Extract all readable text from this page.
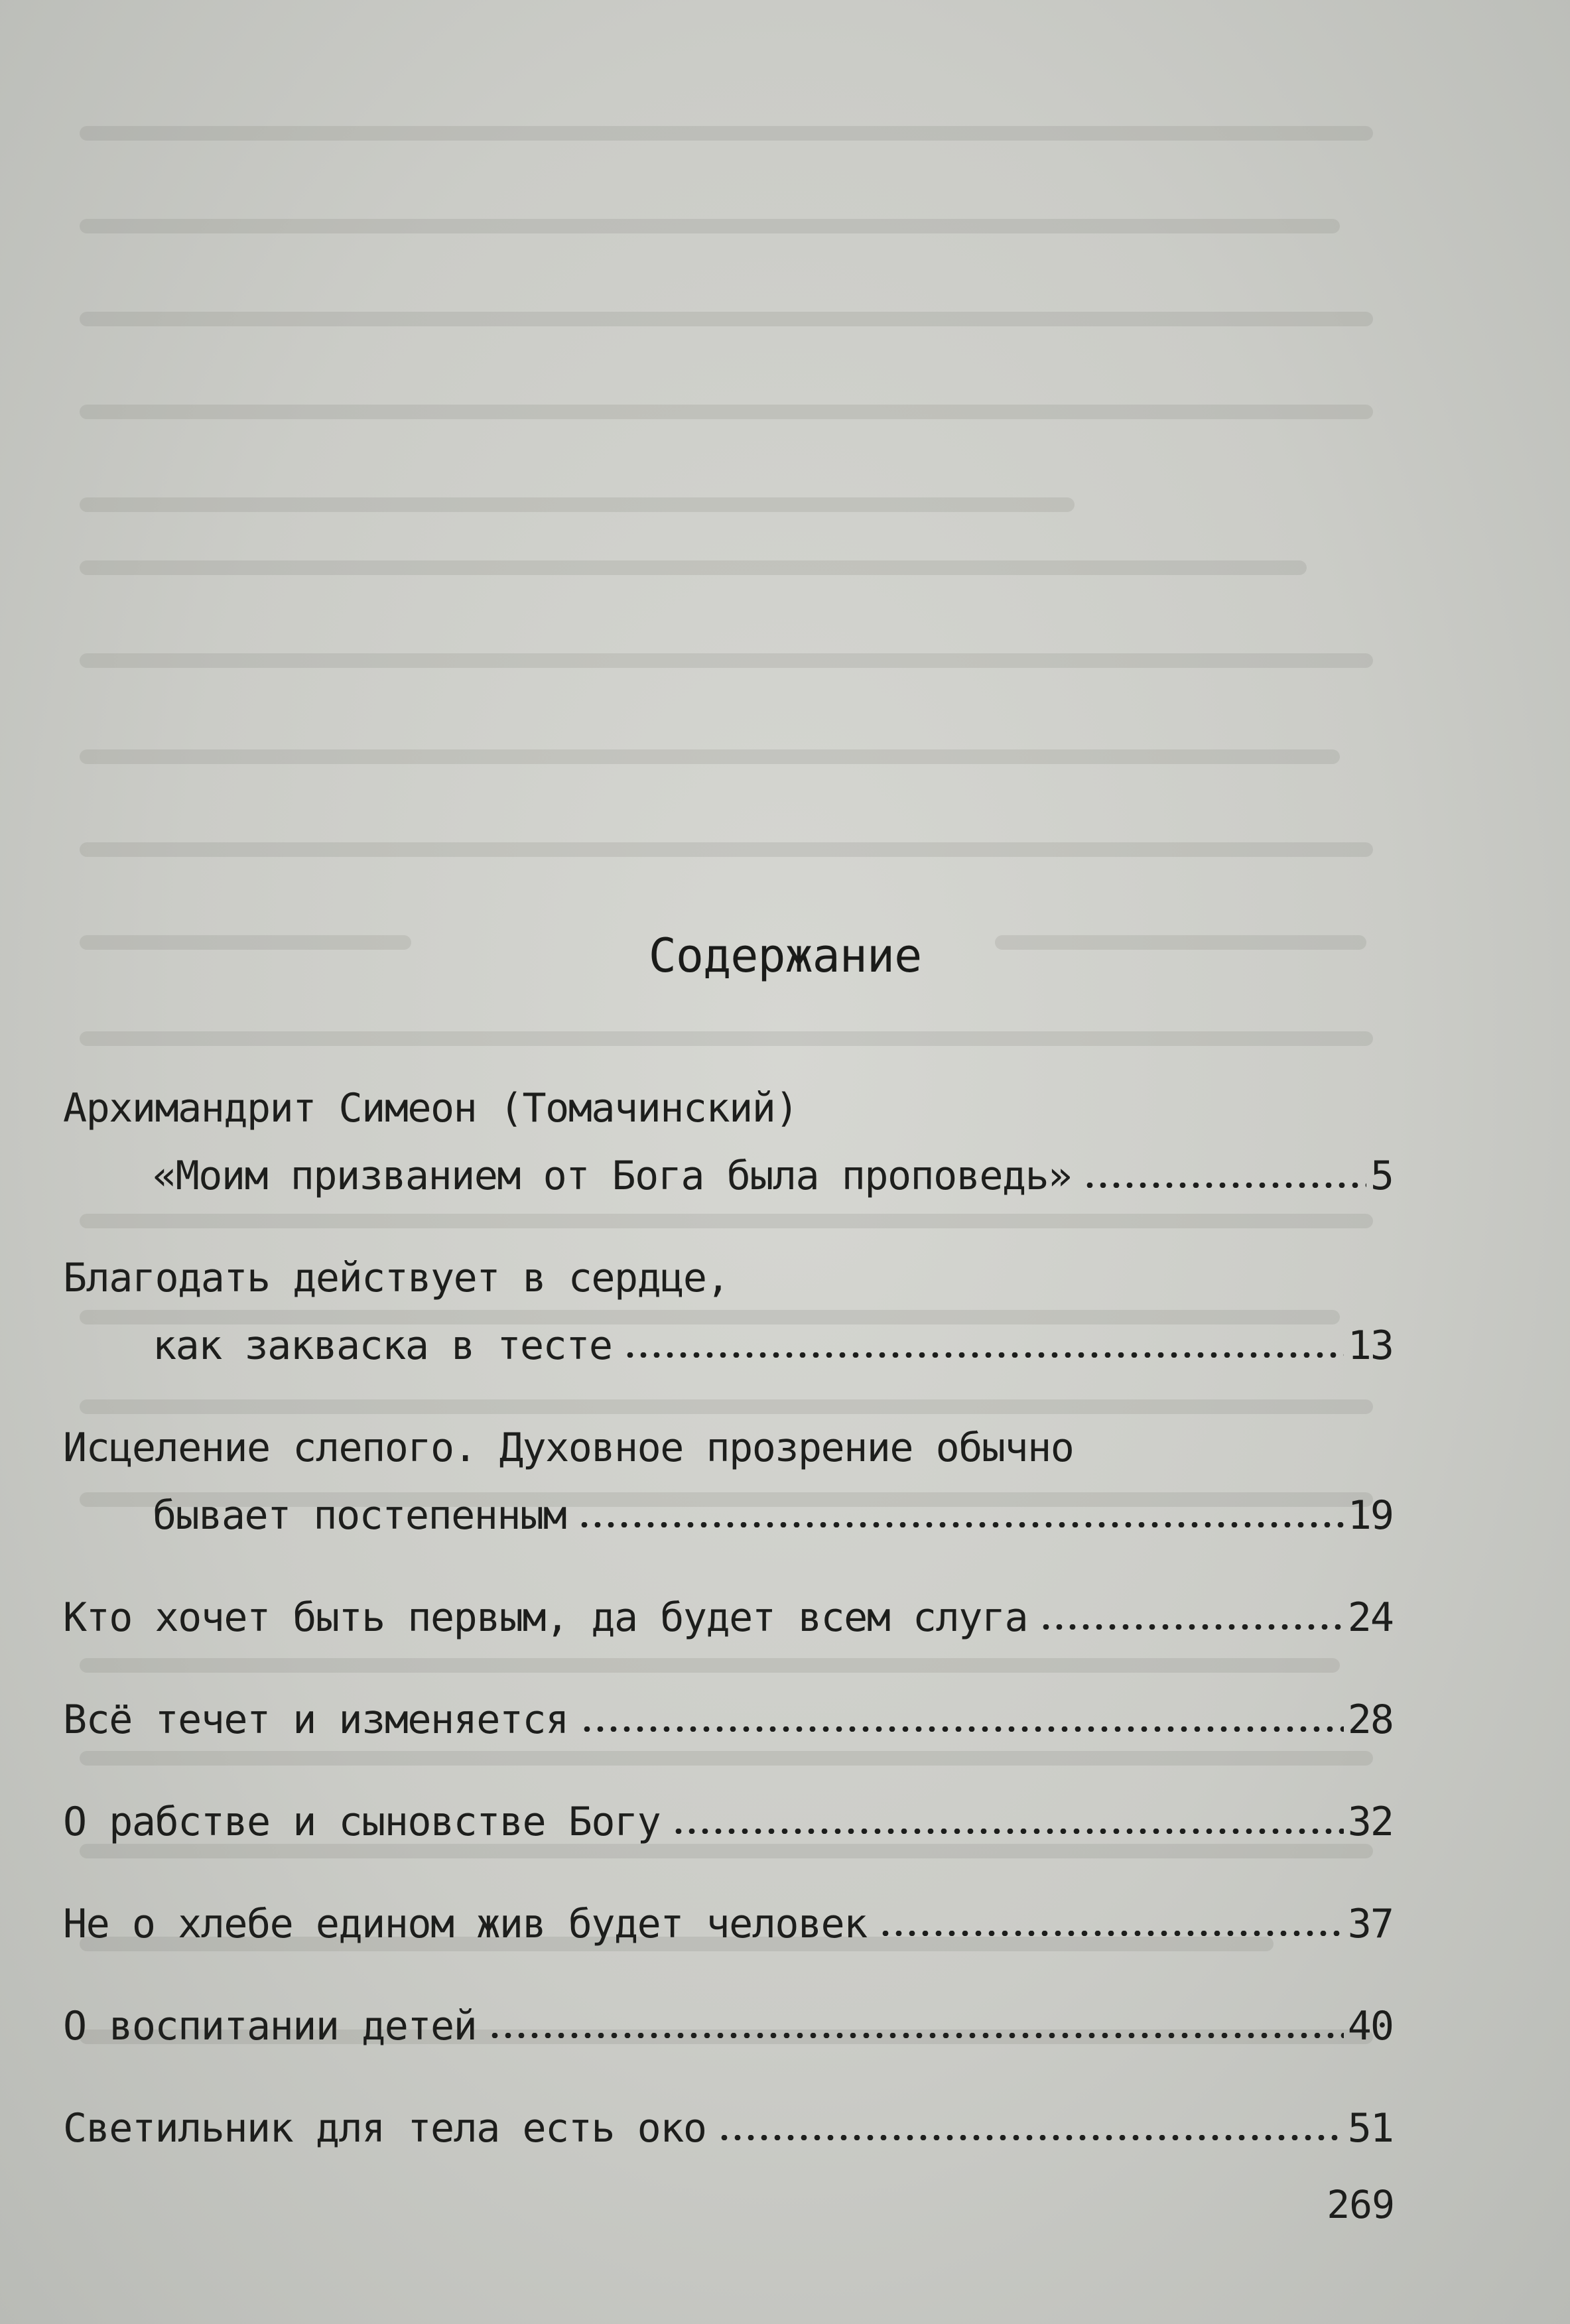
Содержание
Архимандрит Симеон (Томачинский)
«Моим призванием от Бога была проповедь»	5
Благодать действует в сердце,
как закваска в тесте	13
Исцеление слепого. Духовное прозрение обычно
бывает постепенным	19
Кто хочет быть первым, да будет всем слуга	24
Всё течет и изменяется	28
О рабстве и сыновстве Богу	32
Не о хлебе едином жив будет человек	37
О воспитании детей	40
Светильник для тела есть око	51
269
